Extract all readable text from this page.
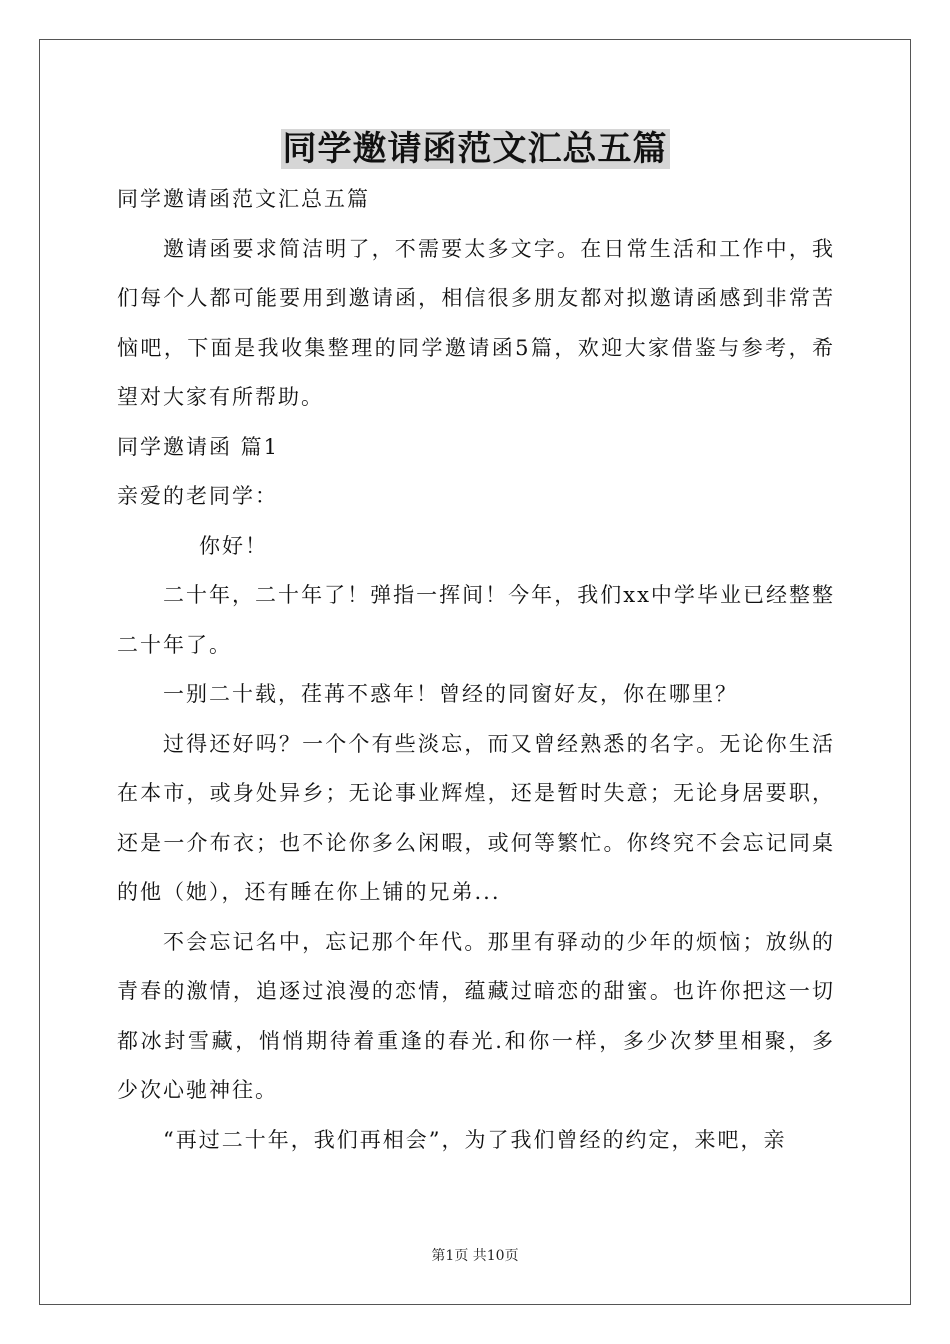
同学邀请函范文汇总五篇

同学邀请函范文汇总五篇

邀请函要求简洁明了，不需要太多文字。在日常生活和工作中，我们每个人都可能要用到邀请函，相信很多朋友都对拟邀请函感到非常苦恼吧，下面是我收集整理的同学邀请函5篇，欢迎大家借鉴与参考，希望对大家有所帮助。

同学邀请函 篇1

亲爱的老同学：

你好！

二十年，二十年了！弹指一挥间！今年，我们xx中学毕业已经整整二十年了。

一别二十载，荏苒不惑年！曾经的同窗好友，你在哪里？

过得还好吗？一个个有些淡忘，而又曾经熟悉的名字。无论你生活在本市，或身处异乡；无论事业辉煌，还是暂时失意；无论身居要职，还是一介布衣；也不论你多么闲暇，或何等繁忙。你终究不会忘记同桌的他（她），还有睡在你上铺的兄弟...

不会忘记名中，忘记那个年代。那里有驿动的少年的烦恼；放纵的青春的激情，追逐过浪漫的恋情，蕴藏过暗恋的甜蜜。也许你把这一切都冰封雪藏，悄悄期待着重逢的春光.和你一样，多少次梦里相聚，多少次心驰神往。

“再过二十年，我们再相会”，为了我们曾经的约定，来吧，亲

第1页 共10页
